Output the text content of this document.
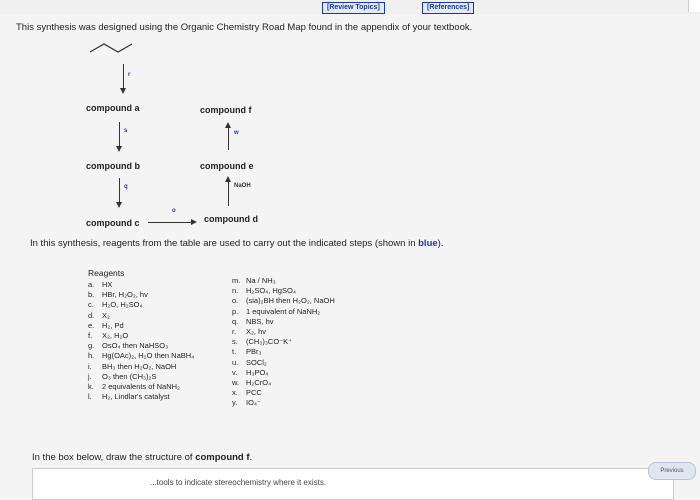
[Review Topics]	[References]
This synthesis was designed using the Organic Chemistry Road Map found in the appendix of your textbook.
r
compound a	compound f
s	w
compound b	compound e
q	NaOH
compound c
o
compound d
In this synthesis, reagents from the table are used to carry out the indicated steps (shown in blue).
Reagents
a. HX
b. HBr, H₂O₂, hv
c. H₂O, H₂SO₄
d. X₂
e. H₂, Pd
f. X₂, H₂O
g. OsO₄ then NaHSO₃
h. Hg(OAc)₂, H₂O then NaBH₄
i. BH₃ then H₂O₂, NaOH
j. O₃ then (CH₃)₂S
k. 2 equivalents of NaNH₂
l. H₂, Lindlar's catalyst
m. Na / NH₃
n. H₂SO₄, HgSO₄
o. (sia)₂BH then H₂O₂, NaOH
p. 1 equivalent of NaNH₂
q. NBS, hv
r. X₂, hv
s. (CH₃)₃CO⁻K⁺
t. PBr₃
u. SOCl₂
v. H₃PO₄
w. H₂CrO₄
x. PCC
y. IO₄⁻
In the box below, draw the structure of compound f.
...tools to indicate stereochemistry where it exists.
Previous
